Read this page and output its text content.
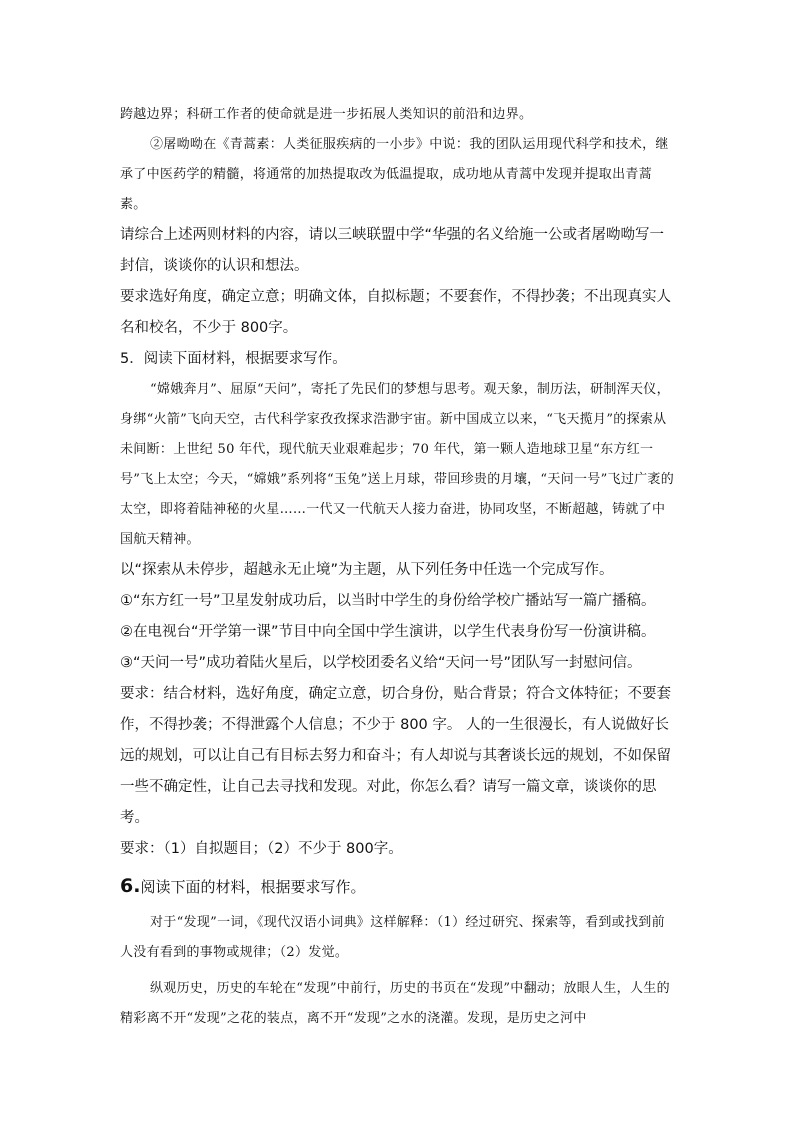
跨越边界；科研工作者的使命就是进一步拓展人类知识的前沿和边界。

②屠呦呦在《青蒿素：人类征服疾病的一小步》中说：我的团队运用现代科学和技术，继承了中医药学的精髓，将通常的加热提取改为低温提取，成功地从青蒿中发现并提取出青蒿素。

请综合上述两则材料的内容，请以三峡联盟中学“华强的名义给施一公或者屠呦呦写一封信，谈谈你的认识和想法。

要求选好角度，确定立意；明确文体，自拟标题；不要套作，不得抄袭；不出现真实人名和校名，不少于 800字。

5．阅读下面材料，根据要求写作。

“嫦娥奔月”、屈原“天问”，寄托了先民们的梦想与思考。观天象，制历法，研制浑天仪，身绑“火箭”飞向天空，古代科学家孜孜探求浩渺宇宙。新中国成立以来，“飞天揽月”的探索从未间断：上世纪 50 年代，现代航天业艰难起步；70 年代，第一颗人造地球卫星“东方红一号”飞上太空；今天，“嫦娥”系列将“玉兔”送上月球，带回珍贵的月壤，“天问一号”飞过广袤的太空，即将着陆神秘的火星……一代又一代航天人接力奋进，协同攻坚，不断超越，铸就了中国航天精神。

以“探索从未停步，超越永无止境”为主题，从下列任务中任选一个完成写作。

①“东方红一号”卫星发射成功后，以当时中学生的身份给学校广播站写一篇广播稿。

②在电视台“开学第一课”节目中向全国中学生演讲，以学生代表身份写一份演讲稿。

③“天问一号”成功着陆火星后，以学校团委名义给“天问一号”团队写一封慰问信。

要求：结合材料，选好角度，确定立意，切合身份，贴合背景；符合文体特征；不要套作，不得抄袭；不得泄露个人信息；不少于 800 字。 人的一生很漫长，有人说做好长远的规划，可以让自己有目标去努力和奋斗；有人却说与其奢谈长远的规划，不如保留一些不确定性，让自己去寻找和发现。对此，你怎么看？请写一篇文章，谈谈你的思考。

要求：（1）自拟题目；（2）不少于 800字。

6.阅读下面的材料，根据要求写作。

对于“发现”一词，《现代汉语小词典》这样解释：（1）经过研究、探索等，看到或找到前人没有看到的事物或规律；（2）发觉。

纵观历史，历史的车轮在“发现”中前行，历史的书页在“发现”中翻动；放眼人生，人生的精彩离不开“发现”之花的装点，离不开“发现”之水的浇灌。发现，是历史之河中
